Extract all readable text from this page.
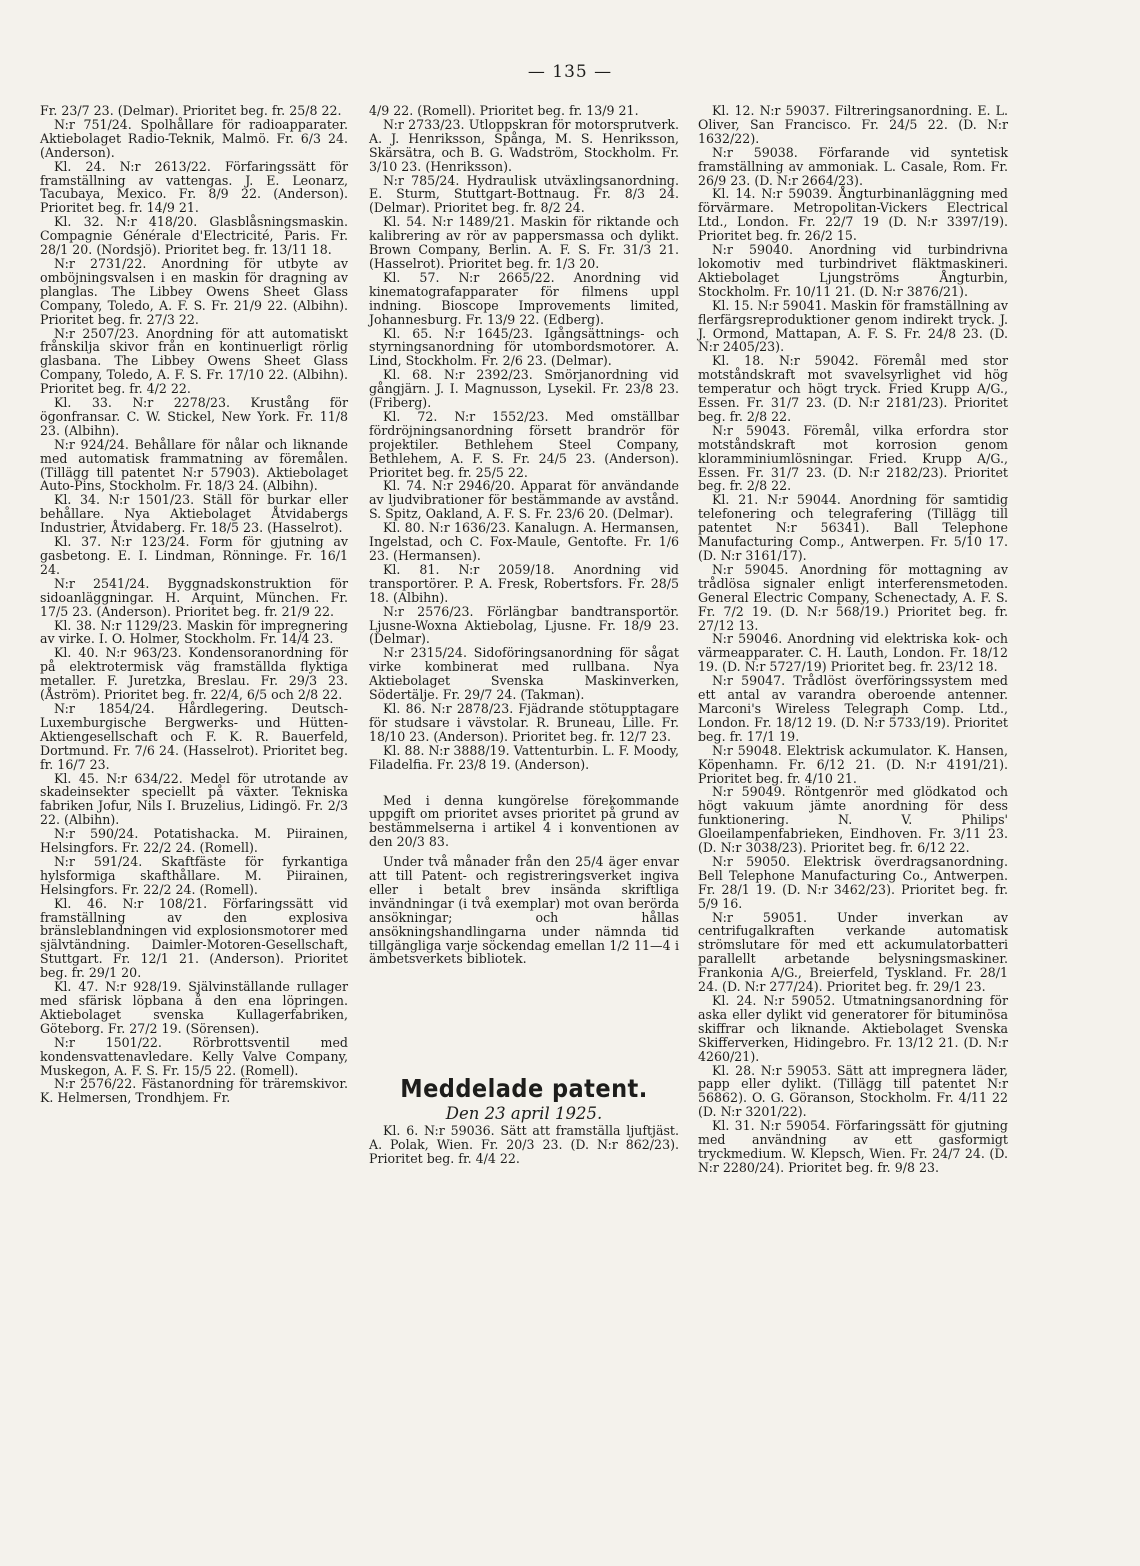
— 135 —

Fr. 23/7 23. (Delmar). Prioritet beg. fr. 25/8 22.

N:r 751/24. Spolhållare för radioapparater. Aktiebolaget Radio-Teknik, Malmö. Fr. 6/3 24. (Anderson).

Kl. 24. N:r 2613/22. Förfaringssätt för framställning av vattengas. J. E. Leonarz, Tacubaya, Mexico. Fr. 8/9 22. (Anderson). Prioritet beg. fr. 14/9 21.

Kl. 32. N:r 418/20. Glasblåsningsmaskin. Compagnie Générale d'Electricité, Paris. Fr. 28/1 20. (Nordsjö). Prioritet beg. fr. 13/11 18.

N:r 2731/22. Anordning för utbyte av omböjningsvalsen i en maskin för dragning av planglas. The Libbey Owens Sheet Glass Company, Toledo, A. F. S. Fr. 21/9 22. (Albihn). Prioritet beg. fr. 27/3 22.

N:r 2507/23. Anordning för att automatiskt frånskilja skivor från en kontinuerligt rörlig glasbana. The Libbey Owens Sheet Glass Company, Toledo, A. F. S. Fr. 17/10 22. (Albihn). Prioritet beg. fr. 4/2 22.

Kl. 33. N:r 2278/23. Krustång för ögonfransar. C. W. Stickel, New York. Fr. 11/8 23. (Albihn).

N:r 924/24. Behållare för nålar och liknande med automatisk frammatning av föremålen. (Tillägg till patentet N:r 57903). Aktiebolaget Auto-Pins, Stockholm. Fr. 18/3 24. (Albihn).

Kl. 34. N:r 1501/23. Ställ för burkar eller behållare. Nya Aktiebolaget Åtvidabergs Industrier, Åtvidaberg. Fr. 18/5 23. (Hasselrot).

Kl. 37. N:r 123/24. Form för gjutning av gasbetong. E. I. Lindman, Rönninge. Fr. 16/1 24.

N:r 2541/24. Byggnadskonstruktion för sidoanläggningar. H. Arquint, München. Fr. 17/5 23. (Anderson). Prioritet beg. fr. 21/9 22.

Kl. 38. N:r 1129/23. Maskin för impregnering av virke. I. O. Holmer, Stockholm. Fr. 14/4 23.

Kl. 40. N:r 963/23. Kondensoranordning för på elektrotermisk väg framställda flyktiga metaller. F. Juretzka, Breslau. Fr. 29/3 23. (Åström). Prioritet beg. fr. 22/4, 6/5 och 2/8 22.

N:r 1854/24. Hårdlegering. Deutsch-Luxemburgische Bergwerks- und Hütten-Aktiengesellschaft och F. K. R. Bauerfeld, Dortmund. Fr. 7/6 24. (Hasselrot). Prioritet beg. fr. 16/7 23.

Kl. 45. N:r 634/22. Medel för utrotande av skadeinsekter speciellt på växter. Tekniska fabriken Jofur, Nils I. Bruzelius, Lidingö. Fr. 2/3 22. (Albihn).

N:r 590/24. Potatishacka. M. Piirainen, Helsingfors. Fr. 22/2 24. (Romell).

N:r 591/24. Skaftfäste för fyrkantiga hylsformiga skafthållare. M. Piirainen, Helsingfors. Fr. 22/2 24. (Romell).

Kl. 46. N:r 108/21. Förfaringssätt vid framställning av den explosiva bränsleblandningen vid explosionsmotorer med självtändning. Daimler-Motoren-Gesellschaft, Stuttgart. Fr. 12/1 21. (Anderson). Prioritet beg. fr. 29/1 20.

Kl. 47. N:r 928/19. Självinställande rullager med sfärisk löpbana å den ena löpringen. Aktiebolaget svenska Kullagerfabriken, Göteborg. Fr. 27/2 19. (Sörensen).

N:r 1501/22. Rörbrottsventil med kondensvattenavledare. Kelly Valve Company, Muskegon, A. F. S. Fr. 15/5 22. (Romell).

N:r 2576/22. Fästanordning för träremskivor. K. Helmersen, Trondhjem. Fr.

4/9 22. (Romell). Prioritet beg. fr. 13/9 21.

N:r 2733/23. Utloppskran för motorsprutverk. A. J. Henriksson, Spånga, M. S. Henriksson, Skärsätra, och B. G. Wadström, Stockholm. Fr. 3/10 23. (Henriksson).

N:r 785/24. Hydraulisk utväxlingsanordning. E. Sturm, Stuttgart-Bottnaug. Fr. 8/3 24. (Delmar). Prioritet beg. fr. 8/2 24.

Kl. 54. N:r 1489/21. Maskin för riktande och kalibrering av rör av pappersmassa och dylikt. Brown Company, Berlin. A. F. S. Fr. 31/3 21. (Hasselrot). Prioritet beg. fr. 1/3 20.

Kl. 57. N:r 2665/22. Anordning vid kinematografapparater för filmens uppl indning. Bioscope Improvements limited, Johannesburg. Fr. 13/9 22. (Edberg).

Kl. 65. N:r 1645/23. Igångsättnings- och styrningsanordning för utombordsmotorer. A. Lind, Stockholm. Fr. 2/6 23. (Delmar).

Kl. 68. N:r 2392/23. Smörjanordning vid gångjärn. J. I. Magnusson, Lysekil. Fr. 23/8 23. (Friberg).

Kl. 72. N:r 1552/23. Med omställbar fördröjningsanordning försett brandrör för projektiler. Bethlehem Steel Company, Bethlehem, A. F. S. Fr. 24/5 23. (Anderson). Prioritet beg. fr. 25/5 22.

Kl. 74. N:r 2946/20. Apparat för användande av ljudvibrationer för bestämmande av avstånd. S. Spitz, Oakland, A. F. S. Fr. 23/6 20. (Delmar).

Kl. 80. N:r 1636/23. Kanalugn. A. Hermansen, Ingelstad, och C. Fox-Maule, Gentofte. Fr. 1/6 23. (Hermansen).

Kl. 81. N:r 2059/18. Anordning vid transportörer. P. A. Fresk, Robertsfors. Fr. 28/5 18. (Albihn).

N:r 2576/23. Förlängbar bandtransportör. Ljusne-Woxna Aktiebolag, Ljusne. Fr. 18/9 23. (Delmar).

N:r 2315/24. Sidoföringsanordning för sågat virke kombinerat med rullbana. Nya Aktiebolaget Svenska Maskinverken, Södertälje. Fr. 29/7 24. (Takman).

Kl. 86. N:r 2878/23. Fjädrande stötupptagare för studsare i vävstolar. R. Bruneau, Lille. Fr. 18/10 23. (Anderson). Prioritet beg. fr. 12/7 23.

Kl. 88. N:r 3888/19. Vattenturbin. L. F. Moody, Filadelfia. Fr. 23/8 19. (Anderson).

Med i denna kungörelse förekommande uppgift om prioritet avses prioritet på grund av bestämmelserna i artikel 4 i konventionen av den 20/3 83.

Under två månader från den 25/4 äger envar att till Patent- och registreringsverket ingiva eller i betalt brev insända skriftliga invändningar (i två exemplar) mot ovan berörda ansökningar; och hållas ansökningshandlingarna under nämnda tid tillgängliga varje söckendag emellan 1/2 11—4 i ämbetsverkets bibliotek.

Meddelade patent.

Den 23 april 1925.

Kl. 6. N:r 59036. Sätt att framställa ljuftjäst. A. Polak, Wien. Fr. 20/3 23. (D. N:r 862/23). Prioritet beg. fr. 4/4 22.

Kl. 12. N:r 59037. Filtreringsanordning. E. L. Oliver, San Francisco. Fr. 24/5 22. (D. N:r 1632/22).

N:r 59038. Förfarande vid syntetisk framställning av ammoniak. L. Casale, Rom. Fr. 26/9 23. (D. N:r 2664/23).

Kl. 14. N:r 59039. Ångturbinanläggning med förvärmare. Metropolitan-Vickers Electrical Ltd., London. Fr. 22/7 19 (D. N:r 3397/19). Prioritet beg. fr. 26/2 15.

N:r 59040. Anordning vid turbindrivna lokomotiv med turbindrivet fläktmaskineri. Aktiebolaget Ljungströms Ångturbin, Stockholm. Fr. 10/11 21. (D. N:r 3876/21).

Kl. 15. N:r 59041. Maskin för framställning av flerfärgsreproduktioner genom indirekt tryck. J. J. Ormond, Mattapan, A. F. S. Fr. 24/8 23. (D. N:r 2405/23).

Kl. 18. N:r 59042. Föremål med stor motståndskraft mot svavelsyrlighet vid hög temperatur och högt tryck. Fried Krupp A/G., Essen. Fr. 31/7 23. (D. N:r 2181/23). Prioritet beg. fr. 2/8 22.

N:r 59043. Föremål, vilka erfordra stor motståndskraft mot korrosion genom kloramminiumlösningar. Fried. Krupp A/G., Essen. Fr. 31/7 23. (D. N:r 2182/23). Prioritet beg. fr. 2/8 22.

Kl. 21. N:r 59044. Anordning för samtidig telefonering och telegrafering (Tillägg till patentet N:r 56341). Ball Telephone Manufacturing Comp., Antwerpen. Fr. 5/10 17. (D. N:r 3161/17).

N:r 59045. Anordning för mottagning av trådlösa signaler enligt interferensmetoden. General Electric Company, Schenectady, A. F. S. Fr. 7/2 19. (D. N:r 568/19.) Prioritet beg. fr. 27/12 13.

N:r 59046. Anordning vid elektriska kok- och värmeapparater. C. H. Lauth, London. Fr. 18/12 19. (D. N:r 5727/19) Prioritet beg. fr. 23/12 18.

N:r 59047. Trådlöst överföringssystem med ett antal av varandra oberoende antenner. Marconi's Wireless Telegraph Comp. Ltd., London. Fr. 18/12 19. (D. N:r 5733/19). Prioritet beg. fr. 17/1 19.

N:r 59048. Elektrisk ackumulator. K. Hansen, Köpenhamn. Fr. 6/12 21. (D. N:r 4191/21). Prioritet beg. fr. 4/10 21.

N:r 59049. Röntgenrör med glödkatod och högt vakuum jämte anordning för dess funktionering. N. V. Philips' Gloeilampenfabrieken, Eindhoven. Fr. 3/11 23. (D. N:r 3038/23). Prioritet beg. fr. 6/12 22.

N:r 59050. Elektrisk överdragsanordning. Bell Telephone Manufacturing Co., Antwerpen. Fr. 28/1 19. (D. N:r 3462/23). Prioritet beg. fr. 5/9 16.

N:r 59051. Under inverkan av centrifugalkraften verkande automatisk strömslutare för med ett ackumulatorbatteri parallellt arbetande belysningsmaskiner. Frankonia A/G., Breierfeld, Tyskland. Fr. 28/1 24. (D. N:r 277/24). Prioritet beg. fr. 29/1 23.

Kl. 24. N:r 59052. Utmatningsanordning för aska eller dylikt vid generatorer för bituminösa skiffrar och liknande. Aktiebolaget Svenska Skifferverken, Hidingebro. Fr. 13/12 21. (D. N:r 4260/21).

Kl. 28. N:r 59053. Sätt att impregnera läder, papp eller dylikt. (Tillägg till patentet N:r 56862). O. G. Göranson, Stockholm. Fr. 4/11 22 (D. N:r 3201/22).

Kl. 31. N:r 59054. Förfaringssätt för gjutning med användning av ett gasformigt tryckmedium. W. Klepsch, Wien. Fr. 24/7 24. (D. N:r 2280/24). Prioritet beg. fr. 9/8 23.
